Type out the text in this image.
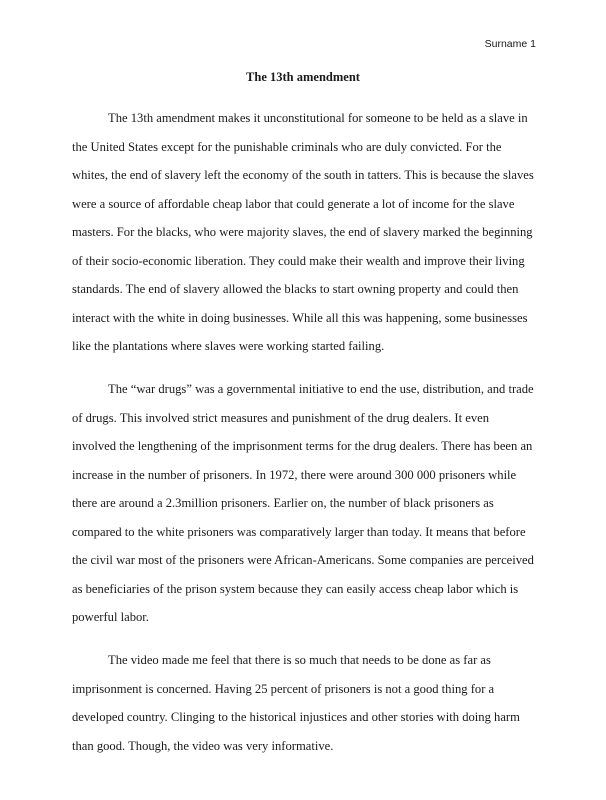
Surname 1
The 13th amendment

The 13th amendment makes it unconstitutional for someone to be held as a slave in the United States except for the punishable criminals who are duly convicted. For the whites, the end of slavery left the economy of the south in tatters. This is because the slaves were a source of affordable cheap labor that could generate a lot of income for the slave masters. For the blacks, who were majority slaves, the end of slavery marked the beginning of their socio-economic liberation. They could make their wealth and improve their living standards. The end of slavery allowed the blacks to start owning property and could then interact with the white in doing businesses. While all this was happening, some businesses like the plantations where slaves were working started failing.

The “war drugs” was a governmental initiative to end the use, distribution, and trade of drugs. This involved strict measures and punishment of the drug dealers. It even involved the lengthening of the imprisonment terms for the drug dealers. There has been an increase in the number of prisoners. In 1972, there were around 300 000 prisoners while there are around a 2.3million prisoners. Earlier on, the number of black prisoners as compared to the white prisoners was comparatively larger than today. It means that before the civil war most of the prisoners were African-Americans. Some companies are perceived as beneficiaries of the prison system because they can easily access cheap labor which is powerful labor.

The video made me feel that there is so much that needs to be done as far as imprisonment is concerned. Having 25 percent of prisoners is not a good thing for a developed country. Clinging to the historical injustices and other stories with doing harm than good. Though, the video was very informative.
